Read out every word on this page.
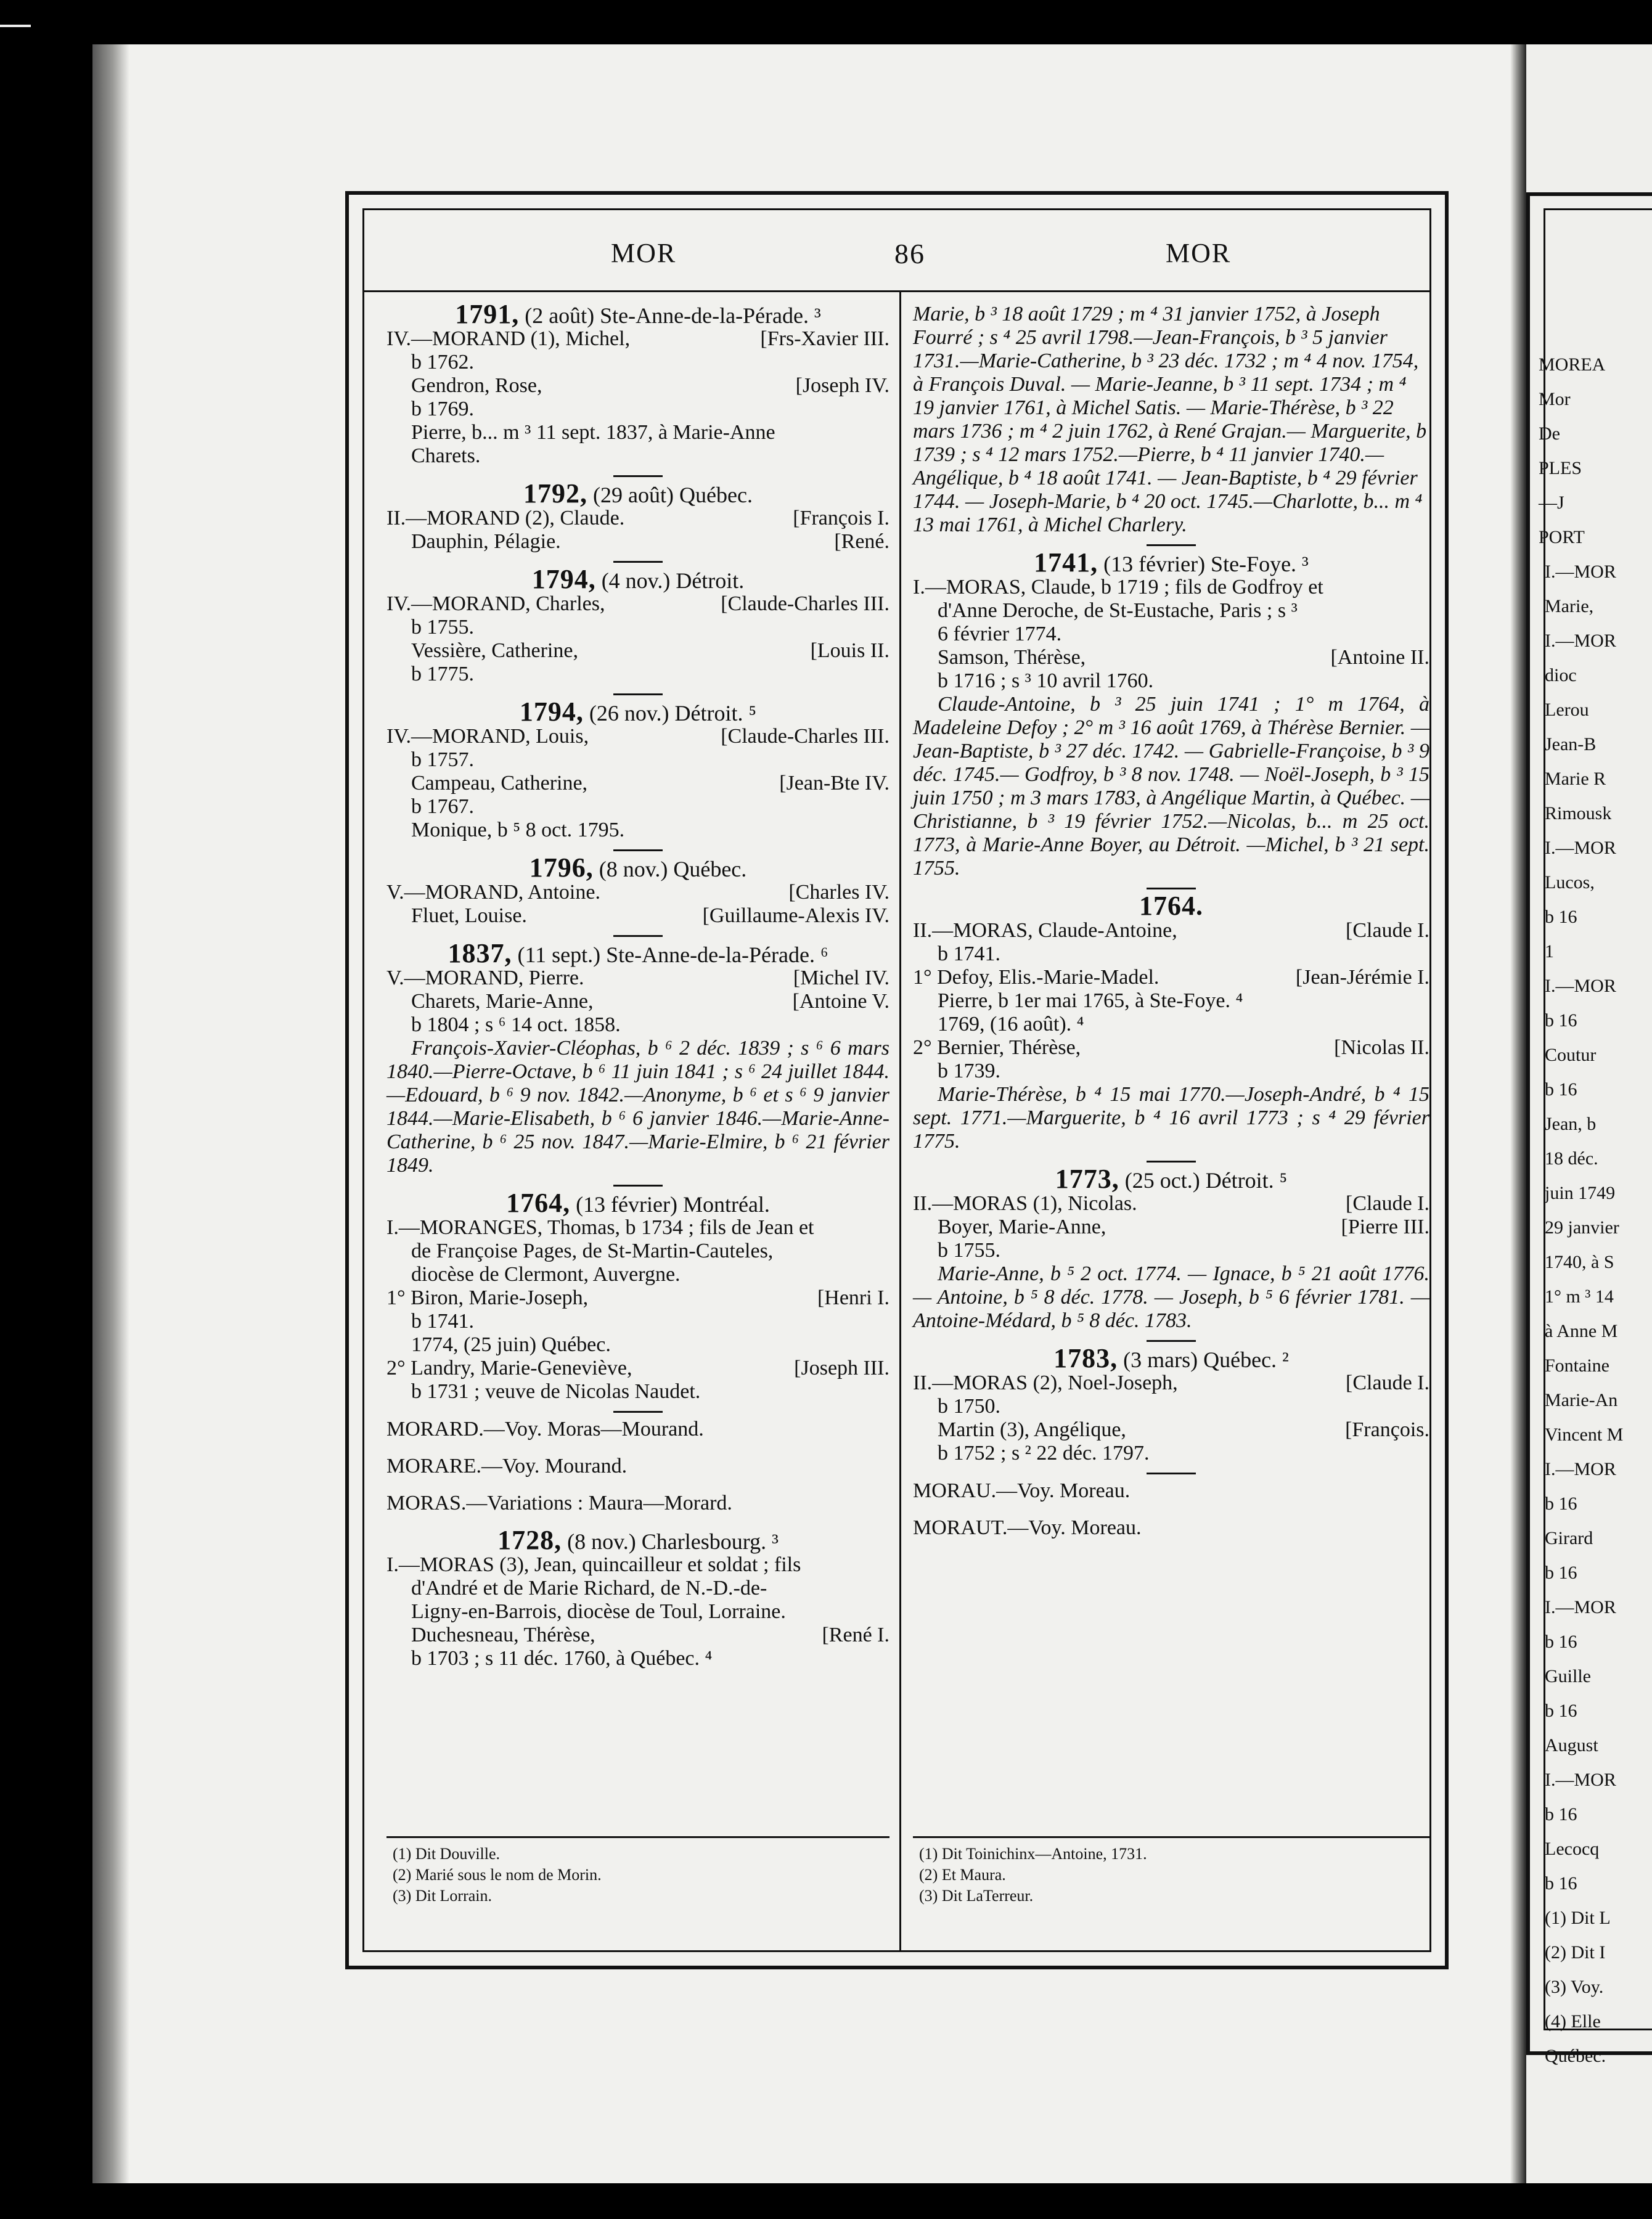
MOREA
Mor
De
PLES
—J
PORT
I.—MOR
Marie,
I.—MOR
dioc
Lerou
Jean-B
Marie R
Rimousk
I.—MOR
Lucos,
b 16
1
I.—MOR
b 16
Coutur
b 16
Jean, b
18 déc.
juin 1749
29 janvier
1740, à S
1° m ³ 14
à Anne M
Fontaine
Marie-An
Vincent M
I.—MOR
b 16
Girard
b 16
I.—MOR
b 16
Guille
b 16
August
I.—MOR
b 16
Lecocq
b 16
(1) Dit L
(2) Dit I
(3) Voy.
(4) Elle
Québec.
MOR	86	MOR
1791, (2 août) Ste-Anne-de-la-Pérade. ³
IV.—MORAND (1), Michel,	[Frs-Xavier III.
b 1762.
Gendron, Rose,	[Joseph IV.
b 1769.
Pierre, b... m ³ 11 sept. 1837, à Marie-Anne
Charets.
1792, (29 août) Québec.
II.—MORAND (2), Claude.	[François I.
Dauphin, Pélagie.	[René.
1794, (4 nov.) Détroit.
IV.—MORAND, Charles,	[Claude-Charles III.
b 1755.
Vessière, Catherine,	[Louis II.
b 1775.
1794, (26 nov.) Détroit. ⁵
IV.—MORAND, Louis,	[Claude-Charles III.
b 1757.
Campeau, Catherine,	[Jean-Bte IV.
b 1767.
Monique, b ⁵ 8 oct. 1795.
1796, (8 nov.) Québec.
V.—MORAND, Antoine.	[Charles IV.
Fluet, Louise.	[Guillaume-Alexis IV.
1837, (11 sept.) Ste-Anne-de-la-Pérade. ⁶
V.—MORAND, Pierre.	[Michel IV.
Charets, Marie-Anne,	[Antoine V.
b 1804 ; s ⁶ 14 oct. 1858.
François-Xavier-Cléophas, b ⁶ 2 déc. 1839 ; s ⁶ 6 mars 1840.—Pierre-Octave, b ⁶ 11 juin 1841 ; s ⁶ 24 juillet 1844.—Edouard, b ⁶ 9 nov. 1842.—Anonyme, b ⁶ et s ⁶ 9 janvier 1844.—Marie-Elisabeth, b ⁶ 6 janvier 1846.—Marie-Anne-Catherine, b ⁶ 25 nov. 1847.—Marie-Elmire, b ⁶ 21 février 1849.
1764, (13 février) Montréal.
I.—MORANGES, Thomas, b 1734 ; fils de Jean et
de Françoise Pages, de St-Martin-Cauteles,
diocèse de Clermont, Auvergne.
1° Biron, Marie-Joseph,	[Henri I.
b 1741.
1774, (25 juin) Québec.
2° Landry, Marie-Geneviève,	[Joseph III.
b 1731 ; veuve de Nicolas Naudet.
MORARD.—Voy. Moras—Mourand.
MORARE.—Voy. Mourand.
MORAS.—Variations : Maura—Morard.
1728, (8 nov.) Charlesbourg. ³
I.—MORAS (3), Jean, quincailleur et soldat ; fils
d'André et de Marie Richard, de N.-D.-de-
Ligny-en-Barrois, diocèse de Toul, Lorraine.
Duchesneau, Thérèse,	[René I.
b 1703 ; s 11 déc. 1760, à Québec. ⁴
(1) Dit Douville.
(2) Marié sous le nom de Morin.
(3) Dit Lorrain.
Marie, b ³ 18 août 1729 ; m ⁴ 31 janvier 1752, à Joseph Fourré ; s ⁴ 25 avril 1798.—Jean-François, b ³ 5 janvier 1731.—Marie-Catherine, b ³ 23 déc. 1732 ; m ⁴ 4 nov. 1754, à François Duval. — Marie-Jeanne, b ³ 11 sept. 1734 ; m ⁴ 19 janvier 1761, à Michel Satis. — Marie-Thérèse, b ³ 22 mars 1736 ; m ⁴ 2 juin 1762, à René Grajan.— Marguerite, b 1739 ; s ⁴ 12 mars 1752.—Pierre, b ⁴ 11 janvier 1740.—Angélique, b ⁴ 18 août 1741. — Jean-Baptiste, b ⁴ 29 février 1744. — Joseph-Marie, b ⁴ 20 oct. 1745.—Charlotte, b... m ⁴ 13 mai 1761, à Michel Charlery.
1741, (13 février) Ste-Foye. ³
I.—MORAS, Claude, b 1719 ; fils de Godfroy et
d'Anne Deroche, de St-Eustache, Paris ; s ³
6 février 1774.
Samson, Thérèse,	[Antoine II.
b 1716 ; s ³ 10 avril 1760.
Claude-Antoine, b ³ 25 juin 1741 ; 1° m 1764, à Madeleine Defoy ; 2° m ³ 16 août 1769, à Thérèse Bernier. — Jean-Baptiste, b ³ 27 déc. 1742. — Gabrielle-Françoise, b ³ 9 déc. 1745.— Godfroy, b ³ 8 nov. 1748. — Noël-Joseph, b ³ 15 juin 1750 ; m 3 mars 1783, à Angélique Martin, à Québec. —Christianne, b ³ 19 février 1752.—Nicolas, b... m 25 oct. 1773, à Marie-Anne Boyer, au Détroit. —Michel, b ³ 21 sept. 1755.
1764.
II.—MORAS, Claude-Antoine,	[Claude I.
b 1741.
1° Defoy, Elis.-Marie-Madel.	[Jean-Jérémie I.
Pierre, b 1er mai 1765, à Ste-Foye. ⁴
1769, (16 août). ⁴
2° Bernier, Thérèse,	[Nicolas II.
b 1739.
Marie-Thérèse, b ⁴ 15 mai 1770.—Joseph-André, b ⁴ 15 sept. 1771.—Marguerite, b ⁴ 16 avril 1773 ; s ⁴ 29 février 1775.
1773, (25 oct.) Détroit. ⁵
II.—MORAS (1), Nicolas.	[Claude I.
Boyer, Marie-Anne,	[Pierre III.
b 1755.
Marie-Anne, b ⁵ 2 oct. 1774. — Ignace, b ⁵ 21 août 1776.— Antoine, b ⁵ 8 déc. 1778. — Joseph, b ⁵ 6 février 1781. — Antoine-Médard, b ⁵ 8 déc. 1783.
1783, (3 mars) Québec. ²
II.—MORAS (2), Noel-Joseph,	[Claude I.
b 1750.
Martin (3), Angélique,	[François.
b 1752 ; s ² 22 déc. 1797.
MORAU.—Voy. Moreau.
MORAUT.—Voy. Moreau.
(1) Dit Toinichinx—Antoine, 1731.
(2) Et Maura.
(3) Dit LaTerreur.
